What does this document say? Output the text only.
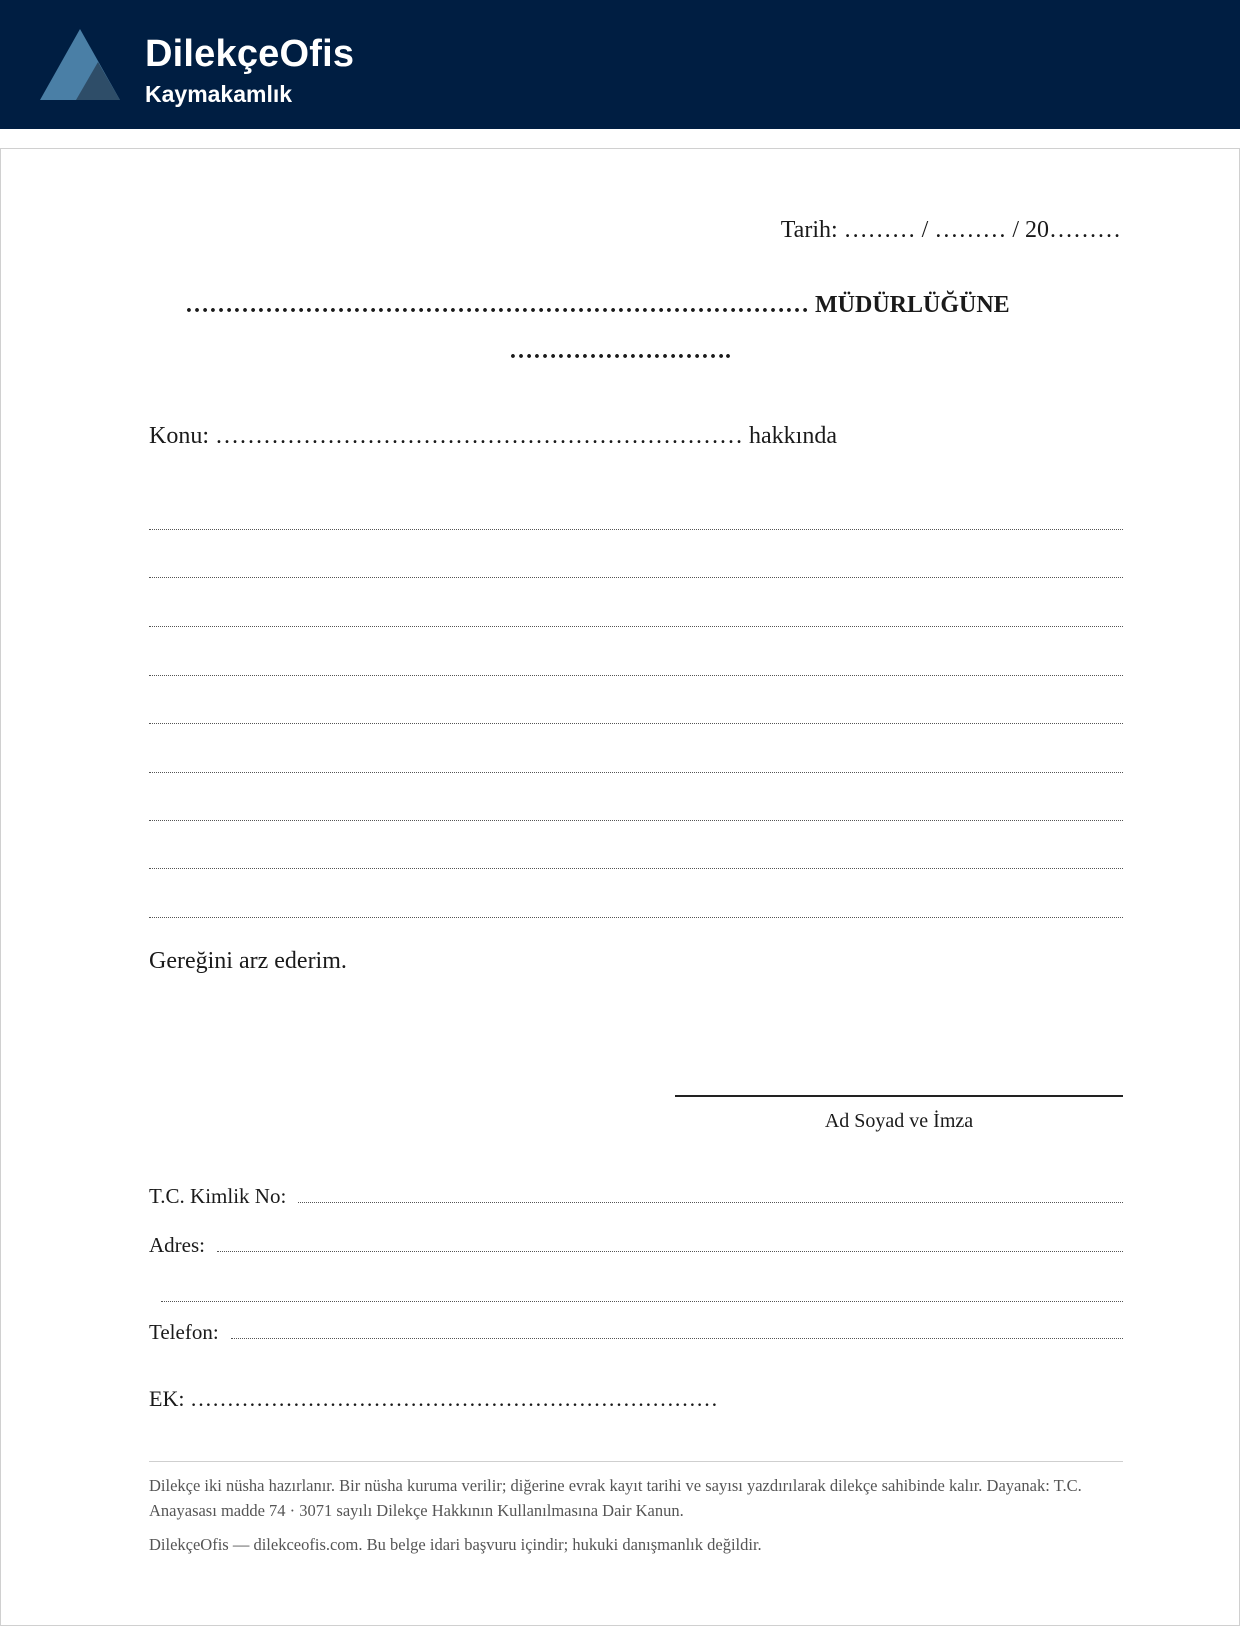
DilekçeOfis
Kaymakamlık
Tarih: ……… / ……… / 20………
…………………………………………………………………… MÜDÜRLÜĞÜNE
……………………….
Konu: ………………………………………………………… hakkında
Gereğini arz ederim.
Ad Soyad ve İmza
T.C. Kimlik No:
Adres:
Telefon:
EK: ………………………………………………………………
Dilekçe iki nüsha hazırlanır. Bir nüsha kuruma verilir; diğerine evrak kayıt tarihi ve sayısı yazdırılarak dilekçe sahibinde kalır. Dayanak: T.C. Anayasası madde 74 · 3071 sayılı Dilekçe Hakkının Kullanılmasına Dair Kanun.
DilekçeOfis — dilekceofis.com. Bu belge idari başvuru içindir; hukuki danışmanlık değildir.
